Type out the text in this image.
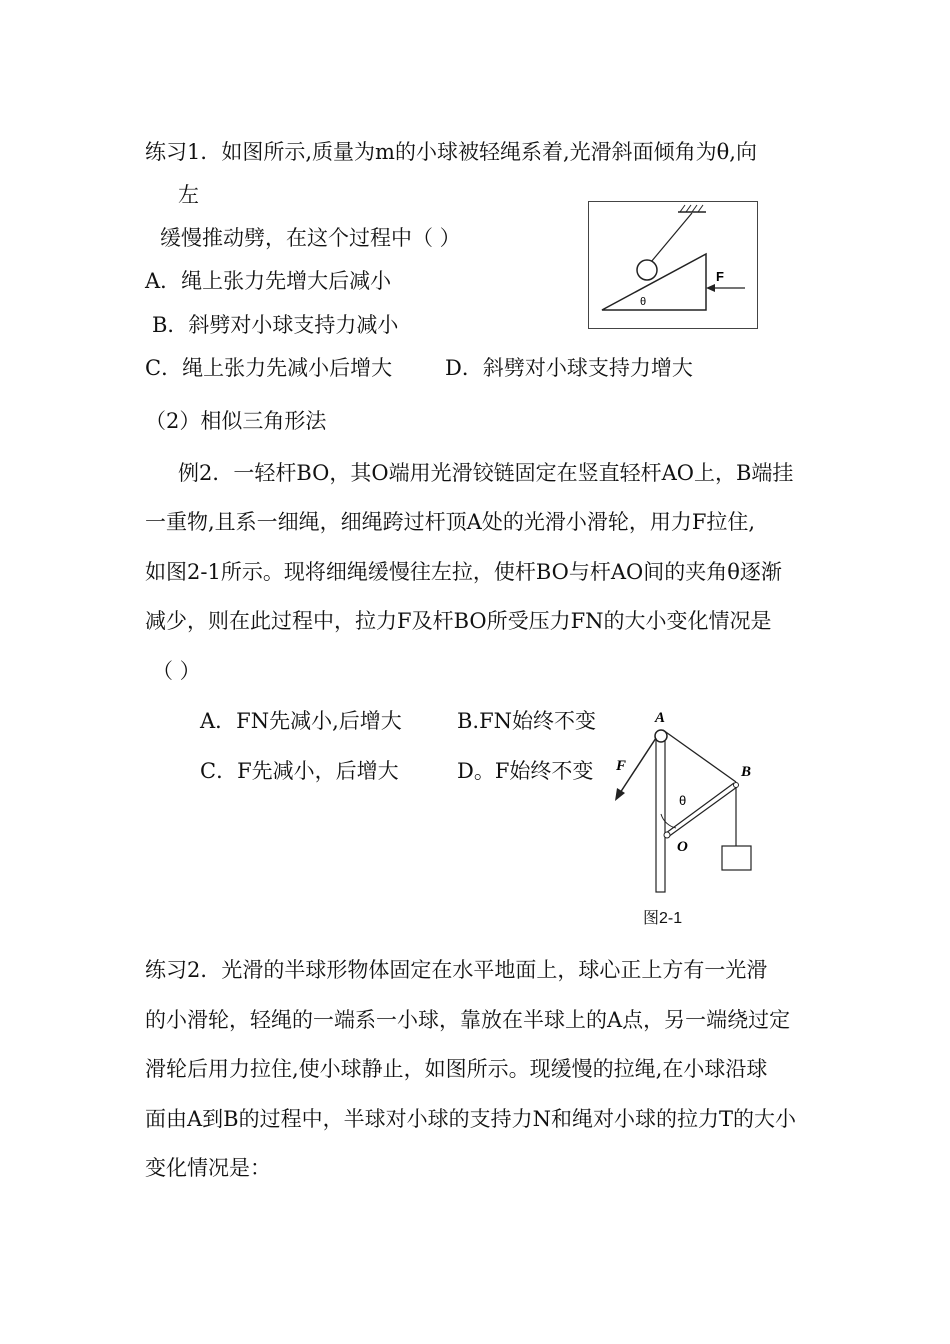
练习1．如图所示,质量为m的小球被轻绳系着,光滑斜面倾角为θ,向
左
缓慢推动劈，在这个过程中（ ）
A．绳上张力先增大后减小
B．斜劈对小球支持力减小
C．绳上张力先减小后增大	D．斜劈对小球支持力增大
F
θ
（2）相似三角形法
例2．一轻杆BO，其O端用光滑铰链固定在竖直轻杆AO上，B端挂
一重物,且系一细绳，细绳跨过杆顶A处的光滑小滑轮，用力F拉住,
如图2-1所示。现将细绳缓慢往左拉，使杆BO与杆AO间的夹角θ逐渐
减少，则在此过程中，拉力F及杆BO所受压力FN的大小变化情况是
（ ）
A．FN先减小,后增大	B.FN始终不变
C．F先减小，后增大	D。F始终不变
A
B
F
O
θ
图2-1
练习2．光滑的半球形物体固定在水平地面上，球心正上方有一光滑
的小滑轮，轻绳的一端系一小球，靠放在半球上的A点，另一端绕过定
滑轮后用力拉住,使小球静止，如图所示。现缓慢的拉绳,在小球沿球
面由A到B的过程中，半球对小球的支持力N和绳对小球的拉力T的大小
变化情况是：
